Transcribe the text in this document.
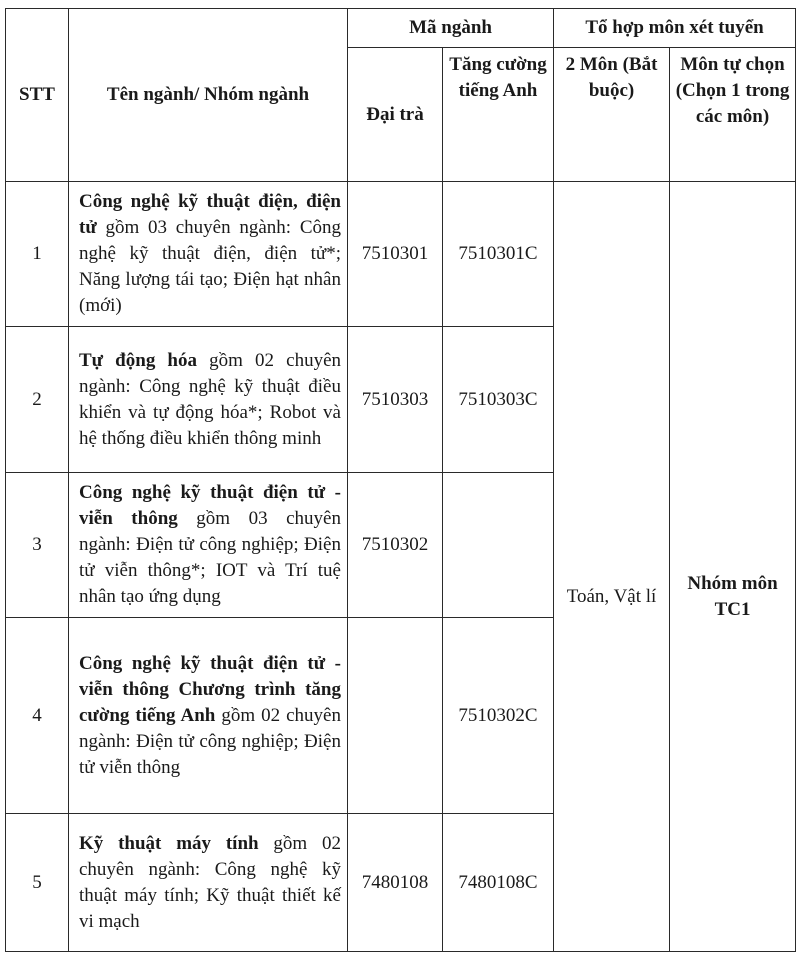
STT	Tên ngành/ Nhóm ngành	Mã ngành		Tổ hợp môn xét tuyển	
		Đại trà	Tăng cường tiếng Anh	2 Môn (Bắt buộc)	Môn tự chọn (Chọn 1 trong các môn)
1	Công nghệ kỹ thuật điện, điện tử gồm 03 chuyên ngành: Công nghệ kỹ thuật điện, điện tử*; Năng lượng tái tạo; Điện hạt nhân (mới)	7510301	7510301C	Toán, Vật lí	Nhóm môn TC1
2	Tự động hóa gồm 02 chuyên ngành: Công nghệ kỹ thuật điều khiển và tự động hóa*; Robot và hệ thống điều khiển thông minh	7510303	7510303C		
3	Công nghệ kỹ thuật điện tử - viễn thông gồm 03 chuyên ngành: Điện tử công nghiệp; Điện tử viễn thông*; IOT và Trí tuệ nhân tạo ứng dụng	7510302			
4	Công nghệ kỹ thuật điện tử - viễn thông Chương trình tăng cường tiếng Anh gồm 02 chuyên ngành: Điện tử công nghiệp; Điện tử viễn thông		7510302C		
5	Kỹ thuật máy tính gồm 02 chuyên ngành: Công nghệ kỹ thuật máy tính; Kỹ thuật thiết kế vi mạch	7480108	7480108C		
